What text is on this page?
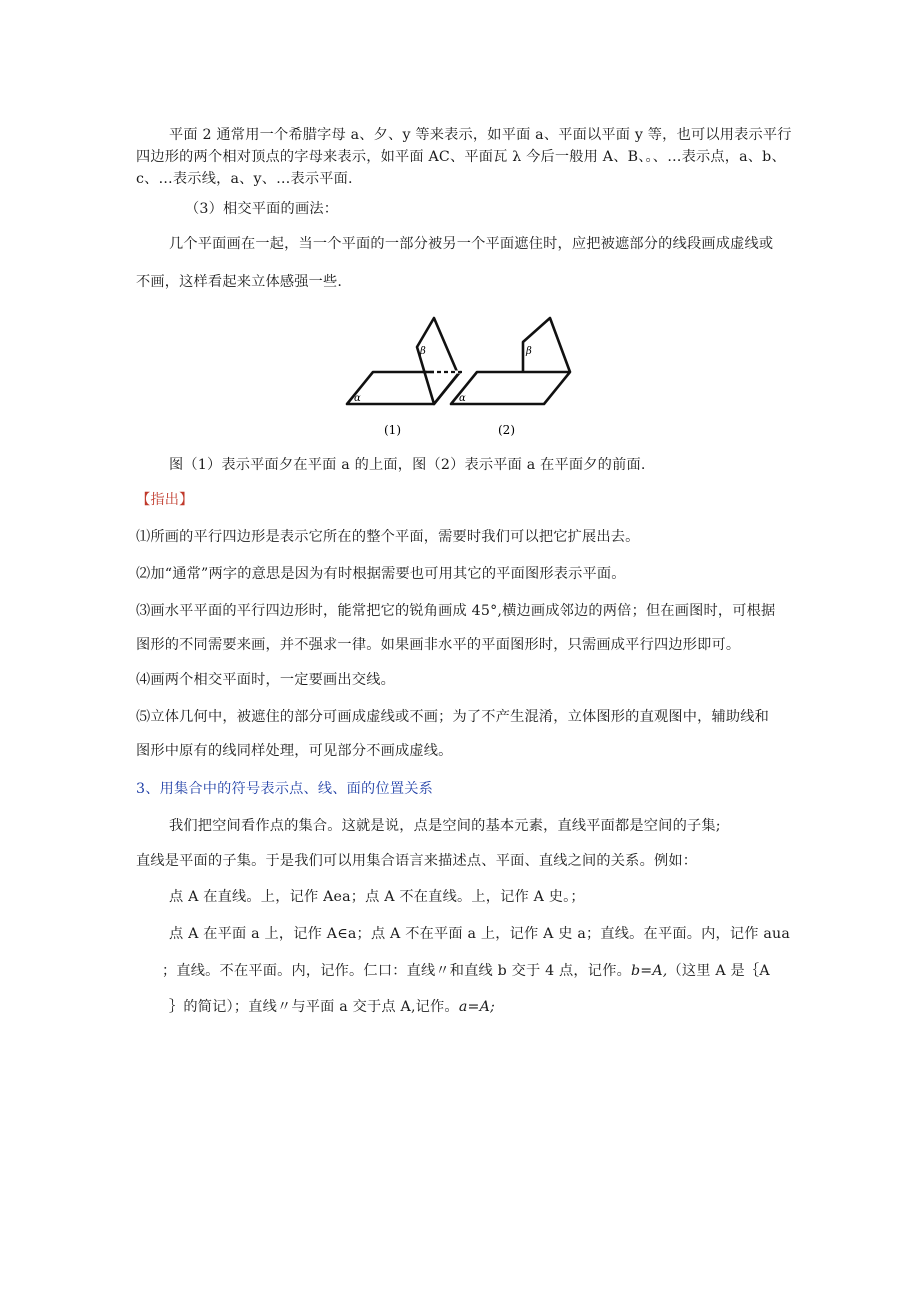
平面 2 通常用一个希腊字母 a、夕、y 等来表示，如平面 a、平面以平面 y 等，也可以用表示平行
四边形的两个相对顶点的字母来表示，如平面 AC、平面瓦 λ 今后一般用 A、B、。、…表示点，a、b、
c、…表示线，a、y、…表示平面.
（3）相交平面的画法：
几个平面画在一起，当一个平面的一部分被另一个平面遮住时，应把被遮部分的线段画成虚线或
不画，这样看起来立体感强一些.
α
β
(1)
α
β
(2)
图（1）表示平面夕在平面 a 的上面，图（2）表示平面 a 在平面夕的前面.
【指出】
⑴所画的平行四边形是表示它所在的整个平面，需要时我们可以把它扩展出去。
⑵加“通常”两字的意思是因为有时根据需要也可用其它的平面图形表示平面。
⑶画水平平面的平行四边形时，能常把它的锐角画成 45°,横边画成邻边的两倍；但在画图时，可根据
图形的不同需要来画，并不强求一律。如果画非水平的平面图形时，只需画成平行四边形即可。
⑷画两个相交平面时，一定要画出交线。
⑸立体几何中，被遮住的部分可画成虚线或不画；为了不产生混淆，立体图形的直观图中，辅助线和
图形中原有的线同样处理，可见部分不画成虚线。
3、用集合中的符号表示点、线、面的位置关系
我们把空间看作点的集合。这就是说，点是空间的基本元素，直线平面都是空间的子集;
直线是平面的子集。于是我们可以用集合语言来描述点、平面、直线之间的关系。例如：
点 A 在直线。上，记作 Aea；点 A 不在直线。上，记作 A 史。；
点 A 在平面 a 上，记作 A∈a；点 A 不在平面 a 上，记作 A 史 a；直线。在平面。内，记作 aua
；直线。不在平面。内，记作。仁口：直线〃和直线 b 交于 4 点，记作。b=A,（这里 A 是｛A
｝的简记）；直线〃与平面 a 交于点 A,记作。a=A;
